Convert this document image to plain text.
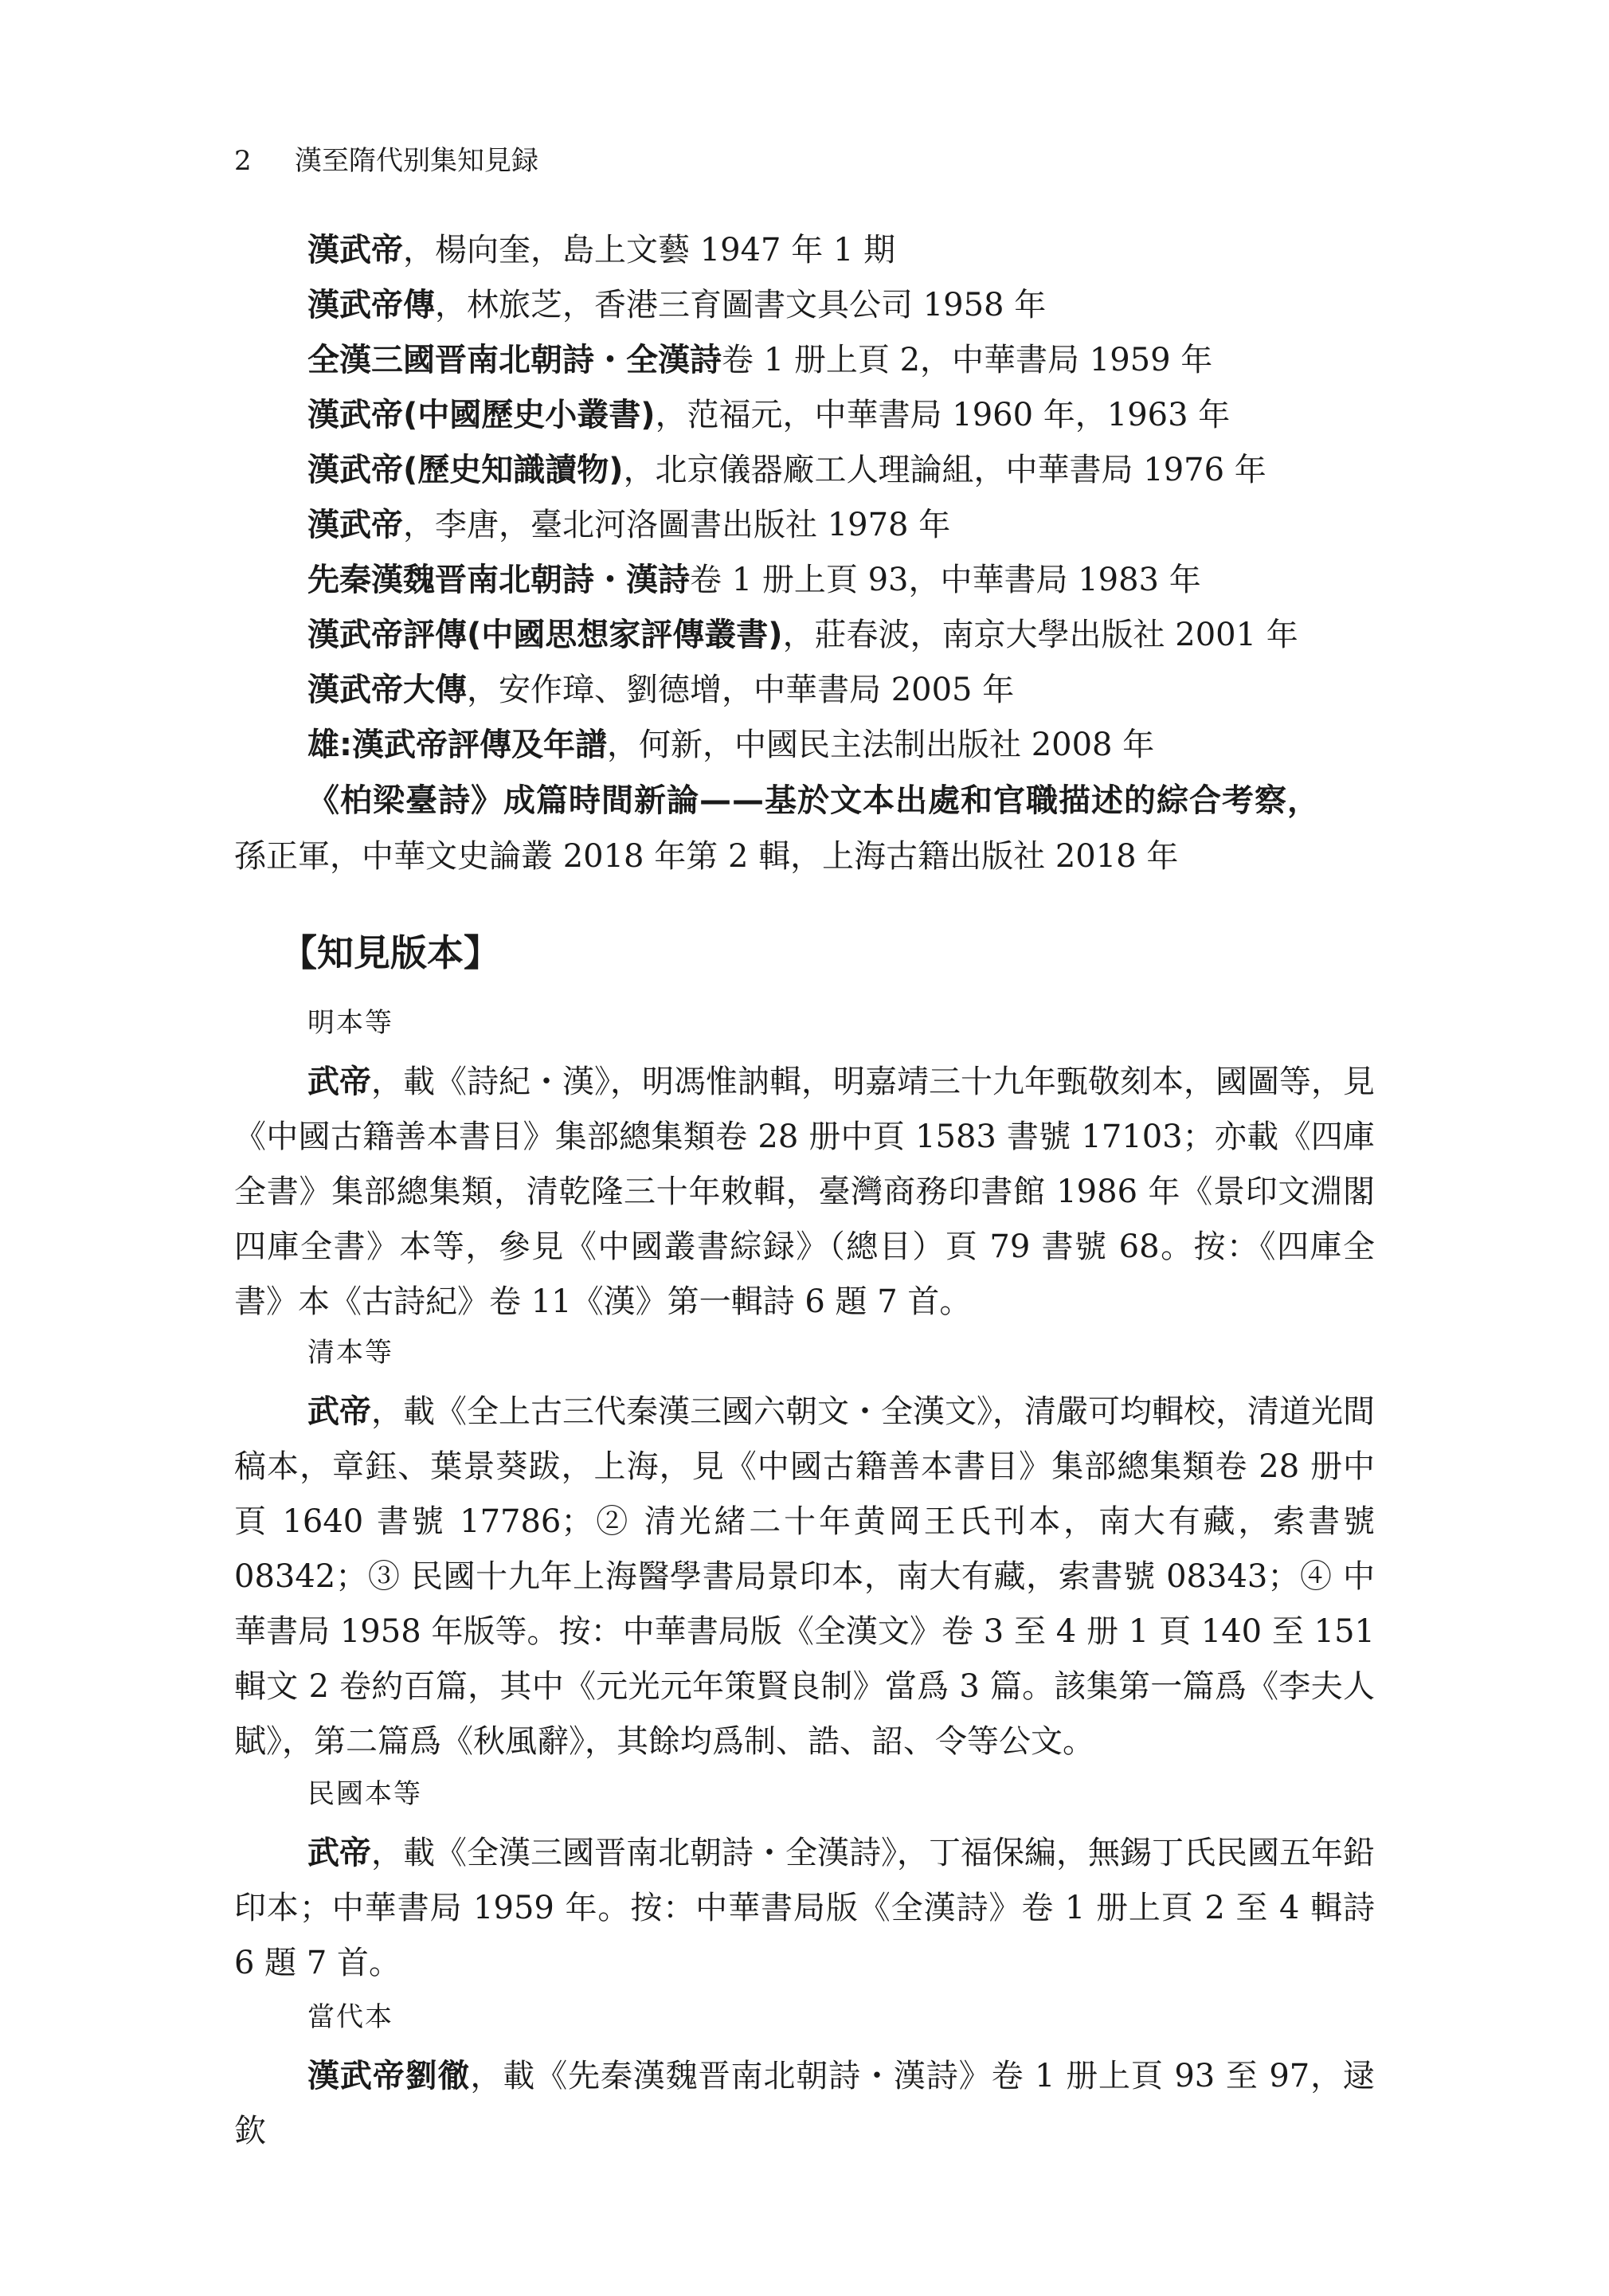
2 漢至隋代别集知見録
漢武帝，楊向奎，島上文藝 1947 年 1 期
漢武帝傳，林旅芝，香港三育圖書文具公司 1958 年
全漢三國晋南北朝詩・全漢詩卷 1 册上頁 2，中華書局 1959 年
漢武帝(中國歷史小叢書)，范福元，中華書局 1960 年，1963 年
漢武帝(歷史知識讀物)，北京儀器廠工人理論組，中華書局 1976 年
漢武帝，李唐，臺北河洛圖書出版社 1978 年
先秦漢魏晋南北朝詩・漢詩卷 1 册上頁 93，中華書局 1983 年
漢武帝評傳(中國思想家評傳叢書)，莊春波，南京大學出版社 2001 年
漢武帝大傳，安作璋、劉德增，中華書局 2005 年
雄:漢武帝評傳及年譜，何新，中國民主法制出版社 2008 年
《柏梁臺詩》成篇時間新論——基於文本出處和官職描述的綜合考察，
孫正軍，中華文史論叢 2018 年第 2 輯，上海古籍出版社 2018 年
【知見版本】
明本等
武帝，載《詩紀・漢》，明馮惟訥輯，明嘉靖三十九年甄敬刻本，國圖等，見《中國古籍善本書目》集部總集類卷 28 册中頁 1583 書號 17103；亦載《四庫全書》集部總集類，清乾隆三十年敕輯，臺灣商務印書館 1986 年《景印文淵閣四庫全書》本等，參見《中國叢書綜録》（總目）頁 79 書號 68。按：《四庫全書》本《古詩紀》卷 11《漢》第一輯詩 6 題 7 首。
清本等
武帝，載《全上古三代秦漢三國六朝文・全漢文》，清嚴可均輯校，清道光間稿本，章鈺、葉景葵跋，上海，見《中國古籍善本書目》集部總集類卷 28 册中頁 1640 書號 17786；② 清光緒二十年黄岡王氏刊本，南大有藏，索書號 08342；③ 民國十九年上海醫學書局景印本，南大有藏，索書號 08343；④ 中華書局 1958 年版等。按：中華書局版《全漢文》卷 3 至 4 册 1 頁 140 至 151 輯文 2 卷約百篇，其中《元光元年策賢良制》當爲 3 篇。該集第一篇爲《李夫人賦》，第二篇爲《秋風辭》，其餘均爲制、誥、詔、令等公文。
民國本等
武帝，載《全漢三國晋南北朝詩・全漢詩》，丁福保編，無錫丁氏民國五年鉛印本；中華書局 1959 年。按：中華書局版《全漢詩》卷 1 册上頁 2 至 4 輯詩 6 題 7 首。
當代本
漢武帝劉徹，載《先秦漢魏晋南北朝詩・漢詩》卷 1 册上頁 93 至 97，逯欽
